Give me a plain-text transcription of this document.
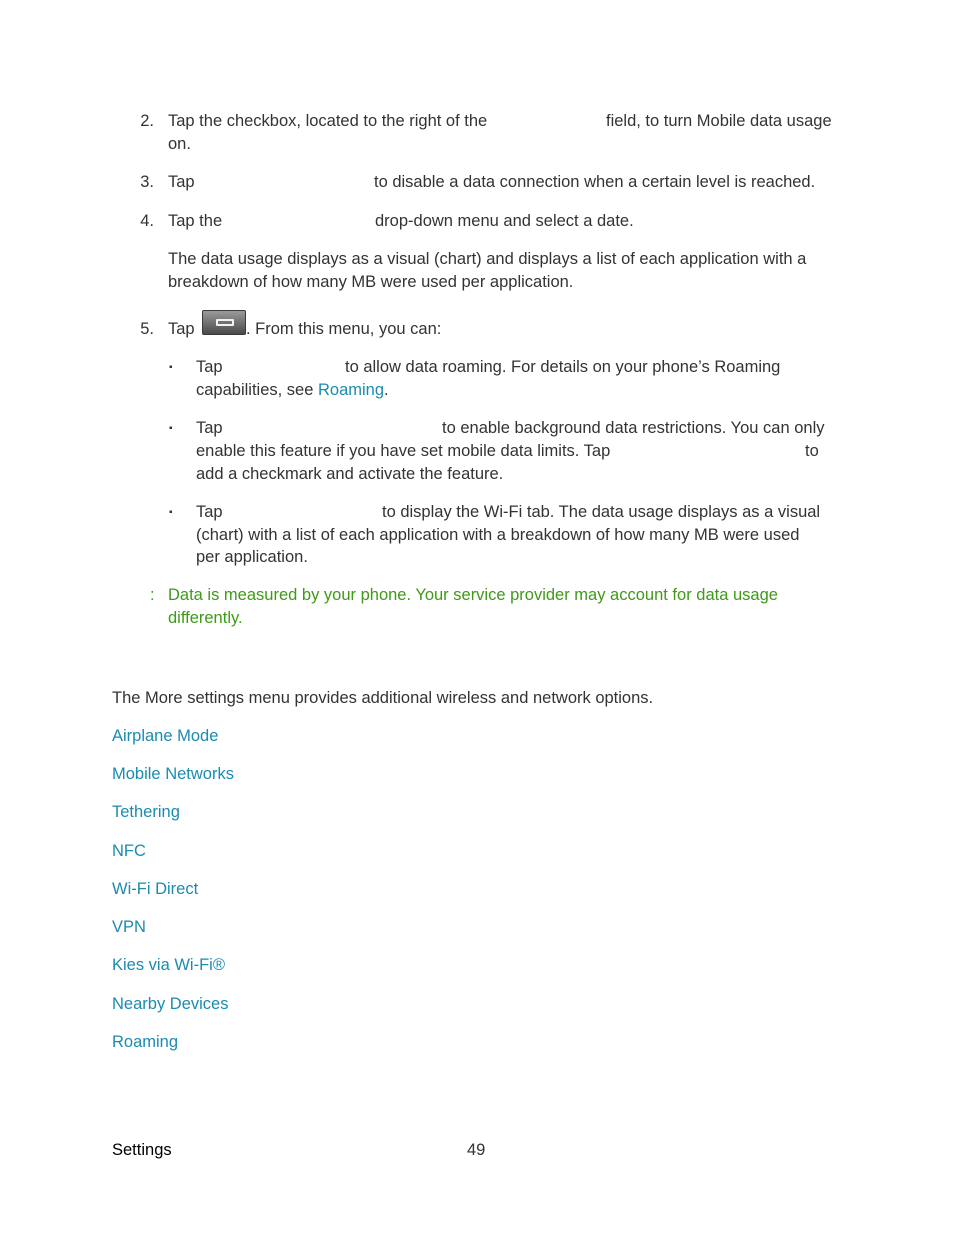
2. Tap the checkbox, located to the right of the	field, to turn Mobile data usage
on.
3. Tap	to disable a data connection when a certain level is reached.
4. Tap the	drop-down menu and select a date.
The data usage displays as a visual (chart) and displays a list of each application with a
breakdown of how many MB were used per application.
5. Tap	. From this menu, you can:
▪ Tap	to allow data roaming. For details on your phone’s Roaming
capabilities, see Roaming.
▪ Tap	to enable background data restrictions. You can only
enable this feature if you have set mobile data limits. Tap	to
add a checkmark and activate the feature.
▪ Tap	to display the Wi-Fi tab. The data usage displays as a visual
(chart) with a list of each application with a breakdown of how many MB were used
per application.
: Data is measured by your phone. Your service provider may account for data usage
differently.
The More settings menu provides additional wireless and network options.
Airplane Mode
Mobile Networks
Tethering
NFC
Wi-Fi Direct
VPN
Kies via Wi-Fi®
Nearby Devices
Roaming
Settings	49
